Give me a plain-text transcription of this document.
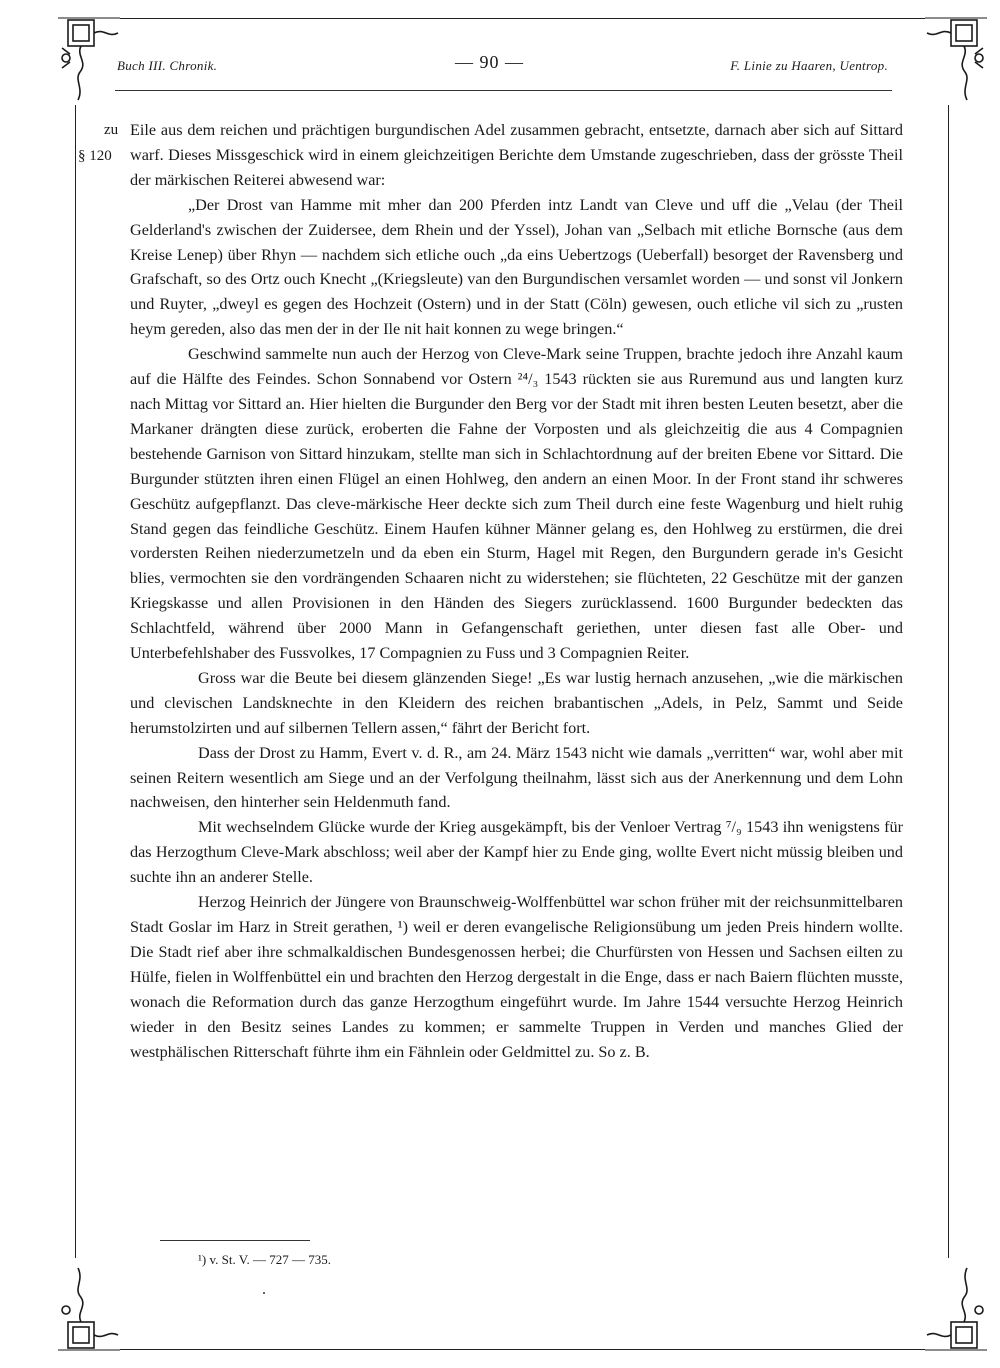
Buch III. Chronik.	— 90 —	F. Linie zu Haaren, Uentrop.
zu
§ 120

Eile aus dem reichen und prächtigen burgundischen Adel zusammen gebracht, entsetzte, darnach aber sich auf Sittard warf. Dieses Missgeschick wird in einem gleichzeitigen Berichte dem Umstande zugeschrieben, dass der grösste Theil der märkischen Reiterei abwesend war:

„Der Drost van Hamme mit mher dan 200 Pferden intz Landt van Cleve und uff die „Velau (der Theil Gelderland's zwischen der Zuidersee, dem Rhein und der Yssel), Johan van „Selbach mit etliche Bornsche (aus dem Kreise Lenep) über Rhyn — nachdem sich etliche ouch „da eins Uebertzogs (Ueberfall) besorget der Ravensberg und Grafschaft, so des Ortz ouch Knecht „(Kriegsleute) van den Burgundischen versamlet worden — und sonst vil Jonkern und Ruyter, „dweyl es gegen des Hochzeit (Ostern) und in der Statt (Cöln) gewesen, ouch etliche vil sich zu „rusten heym gereden, also das men der in der Ile nit hait konnen zu wege bringen.“

Geschwind sammelte nun auch der Herzog von Cleve-Mark seine Truppen, brachte jedoch ihre Anzahl kaum auf die Hälfte des Feindes. Schon Sonnabend vor Ostern ²⁴/₃ 1543 rückten sie aus Ruremund aus und langten kurz nach Mittag vor Sittard an. Hier hielten die Burgunder den Berg vor der Stadt mit ihren besten Leuten besetzt, aber die Markaner drängten diese zurück, eroberten die Fahne der Vorposten und als gleichzeitig die aus 4 Compagnien bestehende Garnison von Sittard hinzukam, stellte man sich in Schlachtordnung auf der breiten Ebene vor Sittard. Die Burgunder stützten ihren einen Flügel an einen Hohlweg, den andern an einen Moor. In der Front stand ihr schweres Geschütz aufgepflanzt. Das cleve-märkische Heer deckte sich zum Theil durch eine feste Wagenburg und hielt ruhig Stand gegen das feindliche Geschütz. Einem Haufen kühner Männer gelang es, den Hohlweg zu erstürmen, die drei vordersten Reihen niederzumetzeln und da eben ein Sturm, Hagel mit Regen, den Burgundern gerade in's Gesicht blies, vermochten sie den vordrängenden Schaaren nicht zu widerstehen; sie flüchteten, 22 Geschütze mit der ganzen Kriegskasse und allen Provisionen in den Händen des Siegers zurücklassend. 1600 Burgunder bedeckten das Schlachtfeld, während über 2000 Mann in Gefangenschaft geriethen, unter diesen fast alle Ober- und Unterbefehlshaber des Fussvolkes, 17 Compagnien zu Fuss und 3 Compagnien Reiter.

Gross war die Beute bei diesem glänzenden Siege! „Es war lustig hernach anzusehen, „wie die märkischen und clevischen Landsknechte in den Kleidern des reichen brabantischen „Adels, in Pelz, Sammt und Seide herumstolzirten und auf silbernen Tellern assen,“ fährt der Bericht fort.

Dass der Drost zu Hamm, Evert v. d. R., am 24. März 1543 nicht wie damals „verritten“ war, wohl aber mit seinen Reitern wesentlich am Siege und an der Verfolgung theilnahm, lässt sich aus der Anerkennung und dem Lohn nachweisen, den hinterher sein Heldenmuth fand.

Mit wechselndem Glücke wurde der Krieg ausgekämpft, bis der Venloer Vertrag ⁷/₉ 1543 ihn wenigstens für das Herzogthum Cleve-Mark abschloss; weil aber der Kampf hier zu Ende ging, wollte Evert nicht müssig bleiben und suchte ihn an anderer Stelle.

Herzog Heinrich der Jüngere von Braunschweig-Wolffenbüttel war schon früher mit der reichsunmittelbaren Stadt Goslar im Harz in Streit gerathen, ¹) weil er deren evangelische Religionsübung um jeden Preis hindern wollte. Die Stadt rief aber ihre schmalkaldischen Bundesgenossen herbei; die Churfürsten von Hessen und Sachsen eilten zu Hülfe, fielen in Wolffenbüttel ein und brachten den Herzog dergestalt in die Enge, dass er nach Baiern flüchten musste, wonach die Reformation durch das ganze Herzogthum eingeführt wurde. Im Jahre 1544 versuchte Herzog Heinrich wieder in den Besitz seines Landes zu kommen; er sammelte Truppen in Verden und manches Glied der westphälischen Ritterschaft führte ihm ein Fähnlein oder Geldmittel zu. So z. B.

¹) v. St. V. — 727 — 735.
